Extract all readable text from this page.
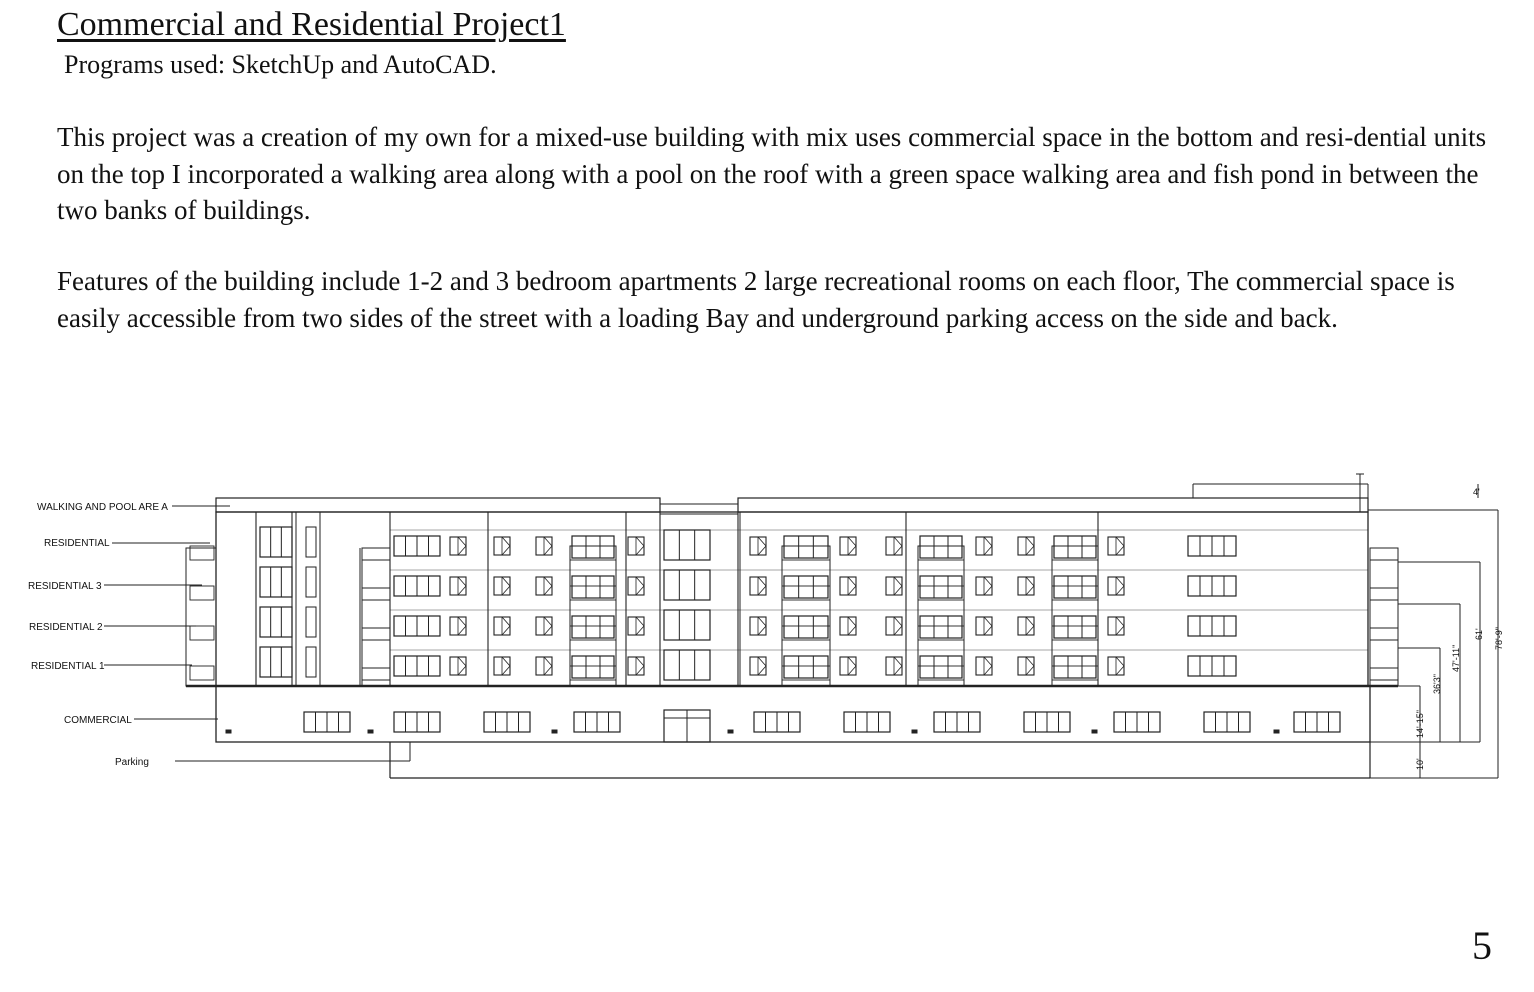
Commercial and Residential Project1
Programs used: SketchUp and AutoCAD.

This project was a creation of my own for a mixed-use building with mix uses commercial space in the bottom and resi-dential units on the top I incorporated a walking area along with a pool on the roof with a green space walking area and fish pond in between the two banks of buildings.

Features of the building include 1-2 and 3 bedroom apartments 2 large recreational rooms on each floor, The commercial space is easily accessible from two sides of the street with a loading Bay and underground parking access on the side and back.

WALKING AND POOL ARE A
RESIDENTIAL
RESIDENTIAL 3
RESIDENTIAL 2
RESIDENTIAL 1
COMMERCIAL
Parking
4'
14'-15"
10'
36'3"
47'-11"
61' 78'-9"
5
